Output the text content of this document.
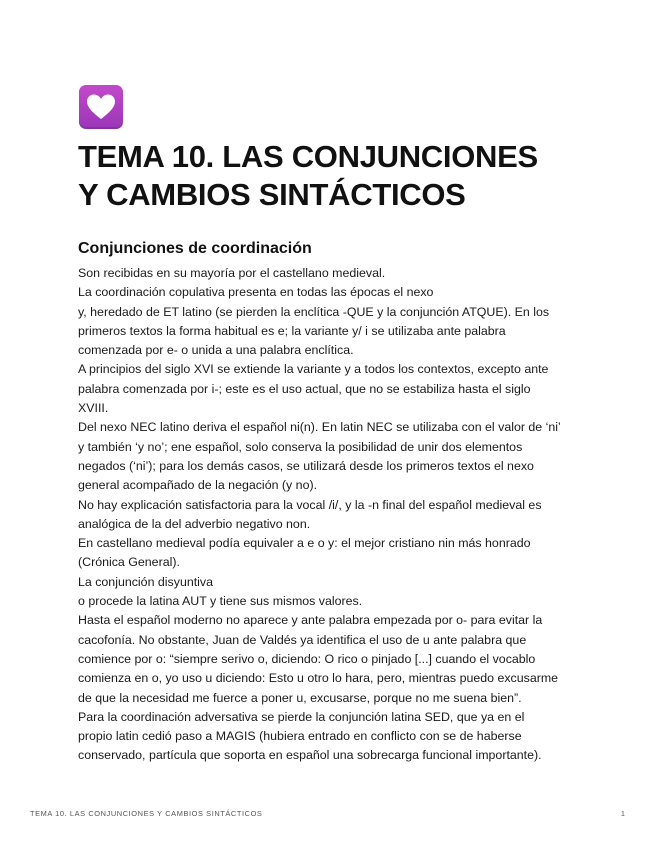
TEMA 10. LAS CONJUNCIONES
Y CAMBIOS SINTÁCTICOS
Conjunciones de coordinación
Son recibidas en su mayoría por el castellano medieval.
La coordinación copulativa presenta en todas las épocas el nexo
y, heredado de ET latino (se pierden la enclítica -QUE y la conjunción ATQUE). En los
primeros textos la forma habitual es e; la variante y/ i se utilizaba ante palabra
comenzada por e- o unida a una palabra enclítica.
A principios del siglo XVI se extiende la variante y a todos los contextos, excepto ante
palabra comenzada por i-; este es el uso actual, que no se estabiliza hasta el siglo
XVIII.
Del nexo NEC latino deriva el español ni(n). En latin NEC se utilizaba con el valor de ‘ni’
y también ‘y no’; ene español, solo conserva la posibilidad de unir dos elementos
negados (‘ni’); para los demás casos, se utilizará desde los primeros textos el nexo
general acompañado de la negación (y no).
No hay explicación satisfactoria para la vocal /i/, y la -n final del español medieval es
analógica de la del adverbio negativo non.
En castellano medieval podía equivaler a e o y: el mejor cristiano nin más honrado
(Crónica General).
La conjunción disyuntiva
o procede la latina AUT y tiene sus mismos valores.
Hasta el español moderno no aparece y ante palabra empezada por o- para evitar la
cacofonía. No obstante, Juan de Valdés ya identifica el uso de u ante palabra que
comience por o: “siempre serivo o, diciendo: O rico o pinjado [...] cuando el vocablo
comienza en o, yo uso u diciendo: Esto u otro lo hara, pero, mientras puedo excusarme
de que la necesidad me fuerce a poner u, excusarse, porque no me suena bien”.
Para la coordinación adversativa se pierde la conjunción latina SED, que ya en el
propio latin cedió paso a MAGIS (hubiera entrado en conflicto con se de haberse
conservado, partícula que soporta en español una sobrecarga funcional importante).
TEMA 10. LAS CONJUNCIONES Y CAMBIOS SINTÁCTICOS	1
